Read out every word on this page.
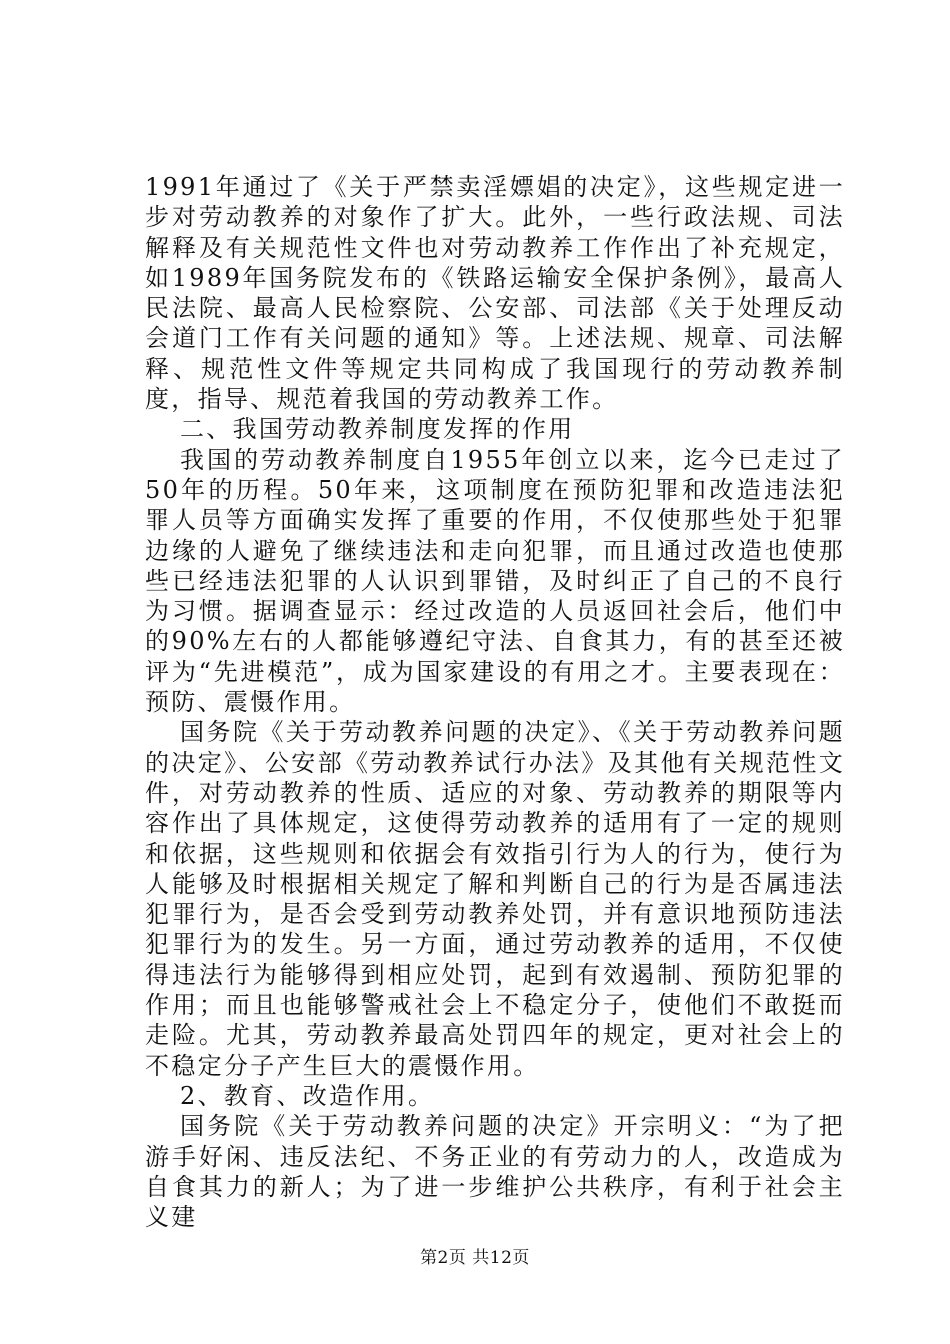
1991年通过了《关于严禁卖淫嫖娼的决定》，这些规定进一步对劳动教养的对象作了扩大。此外，一些行政法规、司法解释及有关规范性文件也对劳动教养工作作出了补充规定，如1989年国务院发布的《铁路运输安全保护条例》，最高人民法院、最高人民检察院、公安部、司法部《关于处理反动会道门工作有关问题的通知》等。上述法规、规章、司法解释、规范性文件等规定共同构成了我国现行的劳动教养制度，指导、规范着我国的劳动教养工作。

二、我国劳动教养制度发挥的作用

我国的劳动教养制度自1955年创立以来，迄今已走过了50年的历程。50年来，这项制度在预防犯罪和改造违法犯罪人员等方面确实发挥了重要的作用，不仅使那些处于犯罪边缘的人避免了继续违法和走向犯罪，而且通过改造也使那些已经违法犯罪的人认识到罪错，及时纠正了自己的不良行为习惯。据调查显示：经过改造的人员返回社会后，他们中的90%左右的人都能够遵纪守法、自食其力，有的甚至还被评为“先进模范”，成为国家建设的有用之才。主要表现在：预防、震慑作用。

国务院《关于劳动教养问题的决定》、《关于劳动教养问题的决定》、公安部《劳动教养试行办法》及其他有关规范性文件，对劳动教养的性质、适应的对象、劳动教养的期限等内容作出了具体规定，这使得劳动教养的适用有了一定的规则和依据，这些规则和依据会有效指引行为人的行为，使行为人能够及时根据相关规定了解和判断自己的行为是否属违法犯罪行为，是否会受到劳动教养处罚，并有意识地预防违法犯罪行为的发生。另一方面，通过劳动教养的适用，不仅使得违法行为能够得到相应处罚，起到有效遏制、预防犯罪的作用；而且也能够警戒社会上不稳定分子，使他们不敢挺而走险。尤其，劳动教养最高处罚四年的规定，更对社会上的不稳定分子产生巨大的震慑作用。

2、教育、改造作用。

国务院《关于劳动教养问题的决定》开宗明义：“为了把游手好闲、违反法纪、不务正业的有劳动力的人，改造成为自食其力的新人；为了进一步维护公共秩序，有利于社会主义建

第2页 共12页
